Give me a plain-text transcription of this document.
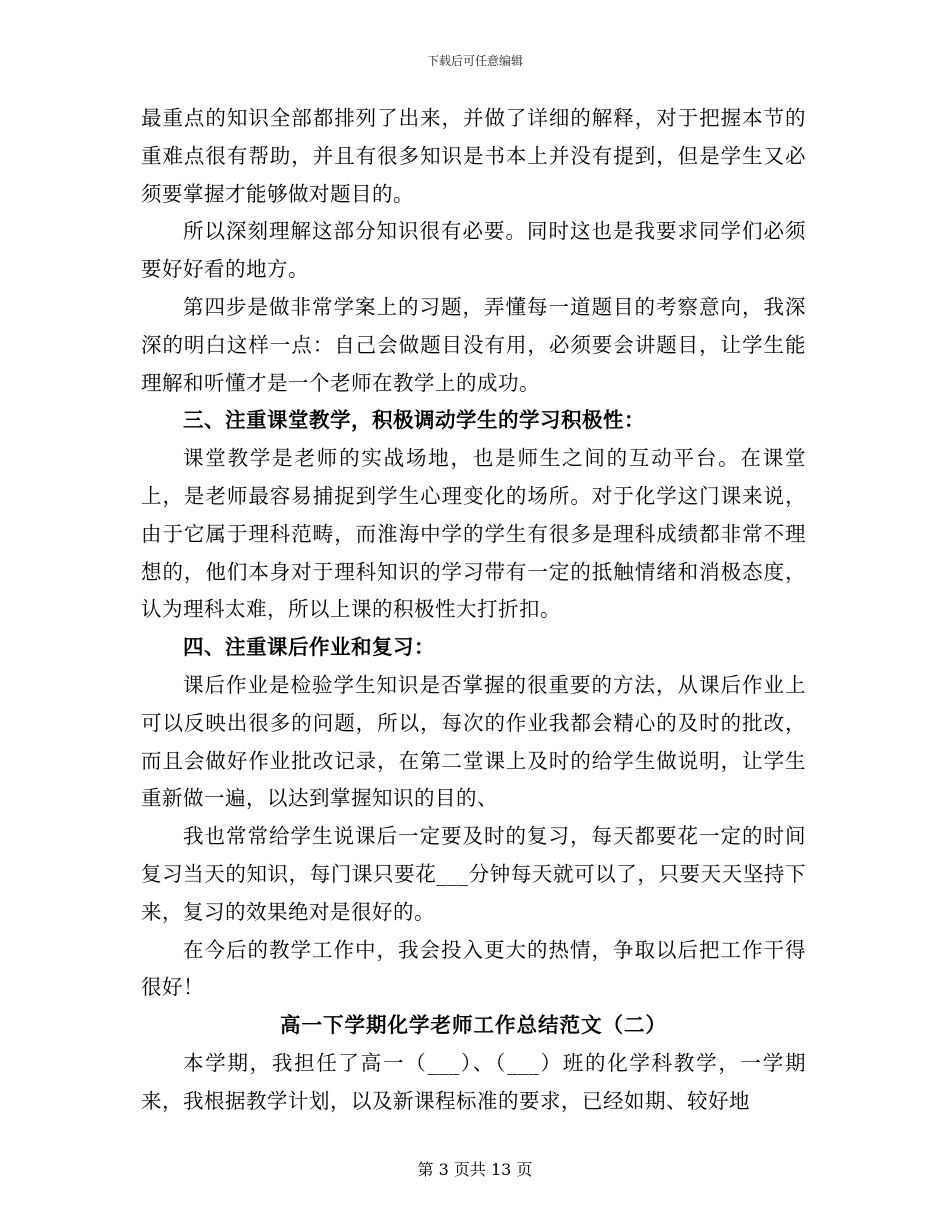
下载后可任意编辑

最重点的知识全部都排列了出来，并做了详细的解释，对于把握本节的重难点很有帮助，并且有很多知识是书本上并没有提到，但是学生又必须要掌握才能够做对题目的。

所以深刻理解这部分知识很有必要。同时这也是我要求同学们必须要好好看的地方。

第四步是做非常学案上的习题，弄懂每一道题目的考察意向，我深深的明白这样一点：自己会做题目没有用，必须要会讲题目，让学生能理解和听懂才是一个老师在教学上的成功。

三、注重课堂教学，积极调动学生的学习积极性：

课堂教学是老师的实战场地，也是师生之间的互动平台。在课堂上，是老师最容易捕捉到学生心理变化的场所。对于化学这门课来说，由于它属于理科范畴，而淮海中学的学生有很多是理科成绩都非常不理想的，他们本身对于理科知识的学习带有一定的抵触情绪和消极态度，认为理科太难，所以上课的积极性大打折扣。

四、注重课后作业和复习：

课后作业是检验学生知识是否掌握的很重要的方法，从课后作业上可以反映出很多的问题，所以，每次的作业我都会精心的及时的批改，而且会做好作业批改记录，在第二堂课上及时的给学生做说明，让学生重新做一遍，以达到掌握知识的目的、

我也常常给学生说课后一定要及时的复习，每天都要花一定的时间复习当天的知识，每门课只要花___分钟每天就可以了，只要天天坚持下来，复习的效果绝对是很好的。

在今后的教学工作中，我会投入更大的热情，争取以后把工作干得很好！

高一下学期化学老师工作总结范文（二）

本学期，我担任了高一（___）、（___）班的化学科教学，一学期来，我根据教学计划，以及新课程标准的要求，已经如期、较好地

第 3 页共 13 页
